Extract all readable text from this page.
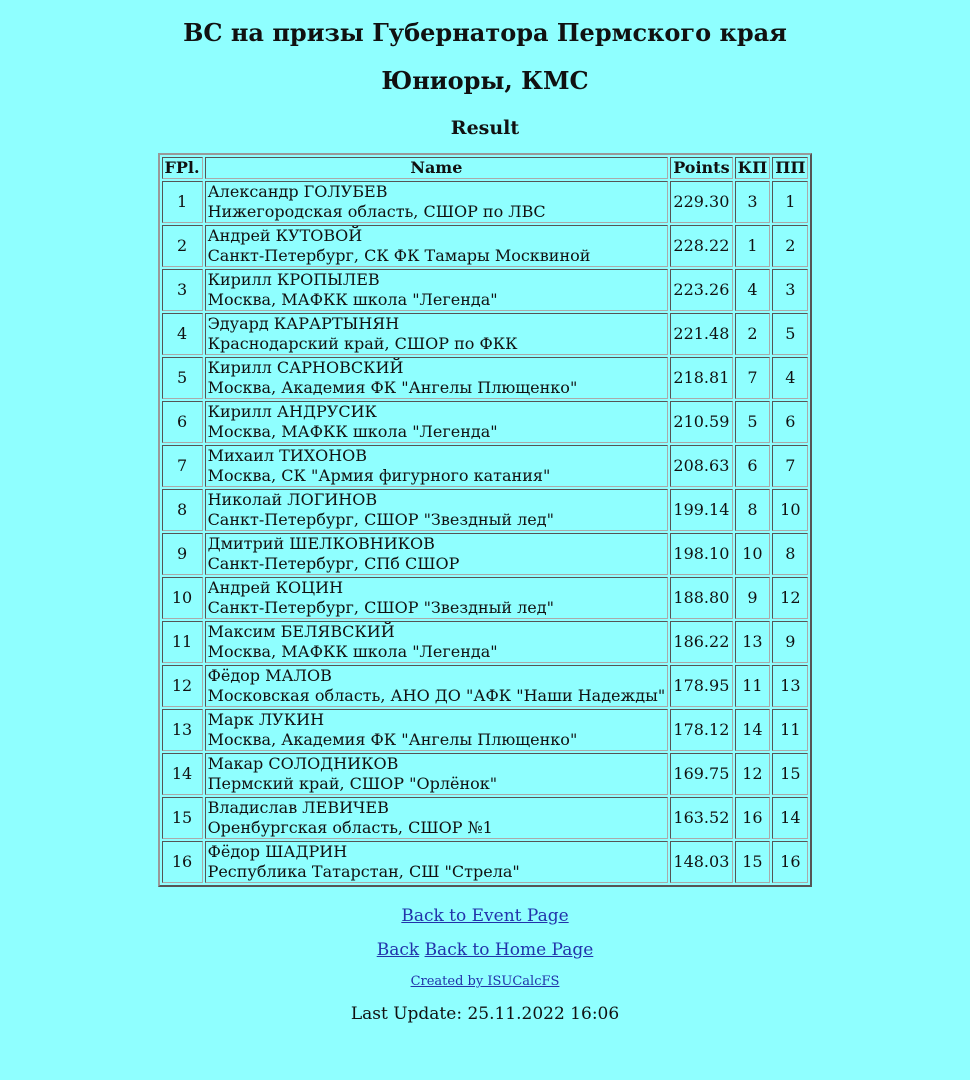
ВС на призы Губернатора Пермского края
Юниоры, КМС
Result
FPl.	Name	Points	КП	ПП
1	Александр ГОЛУБЕВ
Нижегородская область, СШОР по ЛВС	229.30	3	1
2	Андрей КУТОВОЙ
Санкт-Петербург, СК ФК Тамары Москвиной	228.22	1	2
3	Кирилл КРОПЫЛЕВ
Москва, МАФКК школа "Легенда"	223.26	4	3
4	Эдуард КАРАРТЫНЯН
Краснодарский край, СШОР по ФКК	221.48	2	5
5	Кирилл САРНОВСКИЙ
Москва, Академия ФК "Ангелы Плющенко"	218.81	7	4
6	Кирилл АНДРУСИК
Москва, МАФКК школа "Легенда"	210.59	5	6
7	Михаил ТИХОНОВ
Москва, СК "Армия фигурного катания"	208.63	6	7
8	Николай ЛОГИНОВ
Санкт-Петербург, СШОР "Звездный лед"	199.14	8	10
9	Дмитрий ШЕЛКОВНИКОВ
Санкт-Петербург, СПб СШОР	198.10	10	8
10	Андрей КОЦИН
Санкт-Петербург, СШОР "Звездный лед"	188.80	9	12
11	Максим БЕЛЯВСКИЙ
Москва, МАФКК школа "Легенда"	186.22	13	9
12	Фёдор МАЛОВ
Московская область, АНО ДО "АФК "Наши Надежды"	178.95	11	13
13	Марк ЛУКИН
Москва, Академия ФК "Ангелы Плющенко"	178.12	14	11
14	Макар СОЛОДНИКОВ
Пермский край, СШОР "Орлёнок"	169.75	12	15
15	Владислав ЛЕВИЧЕВ
Оренбургская область, СШОР №1	163.52	16	14
16	Фёдор ШАДРИН
Республика Татарстан, СШ "Стрела"	148.03	15	16
Back to Event Page
Back Back to Home Page
Created by ISUCalcFS
Last Update: 25.11.2022 16:06
